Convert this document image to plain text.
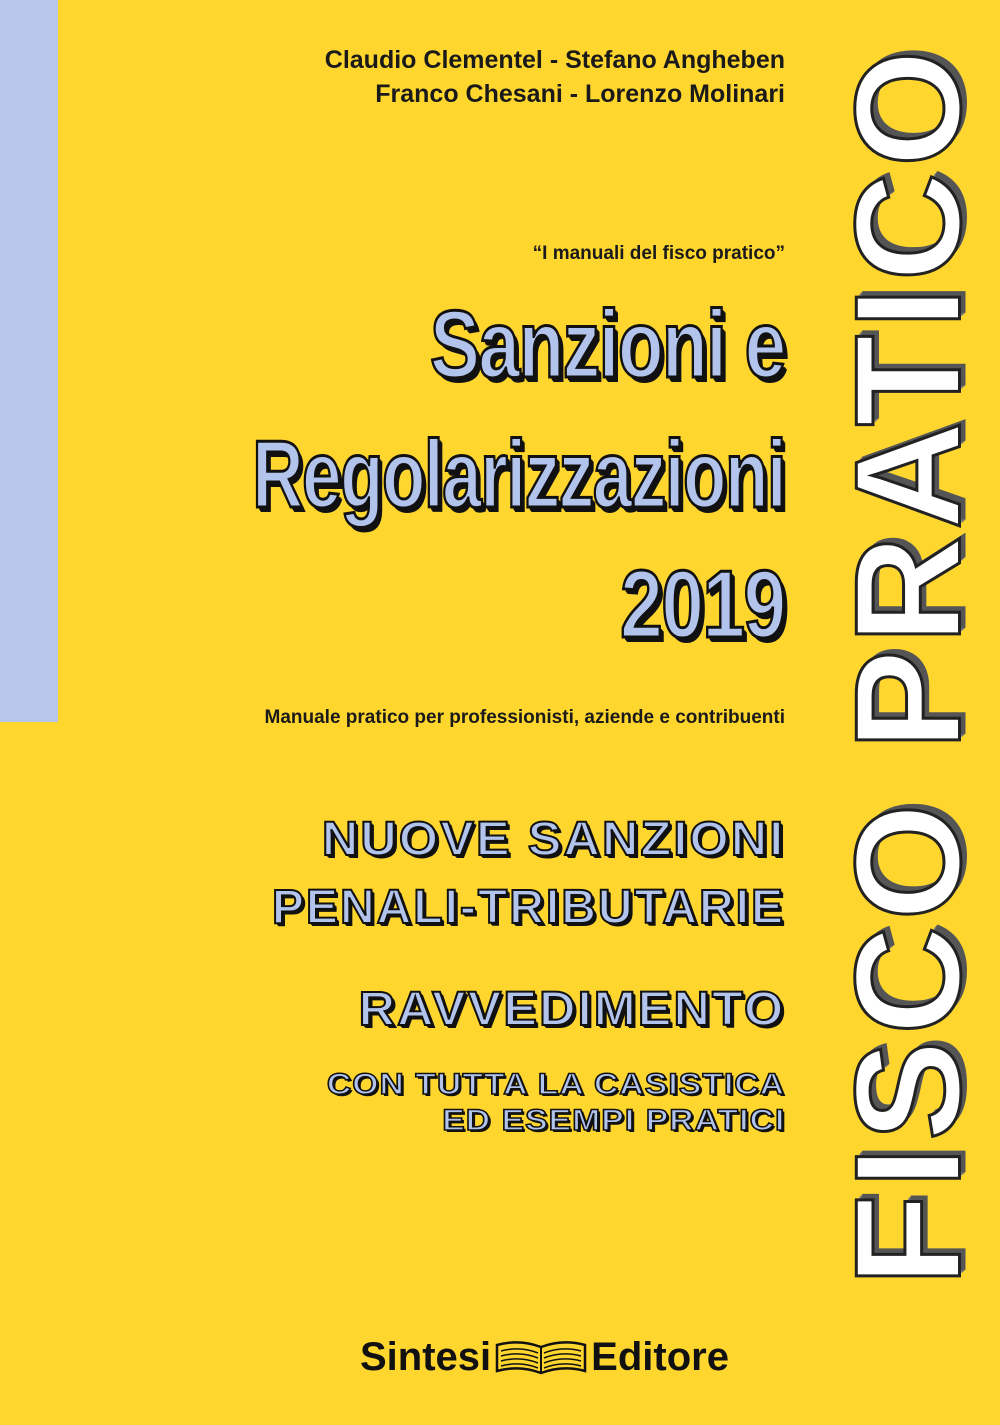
Claudio Clementel - Stefano Angheben
Franco Chesani - Lorenzo Molinari
“I manuali del fisco pratico”
Sanzioni e
Regolarizzazioni
2019
Manuale pratico per professionisti, aziende e contribuenti
NUOVE SANZIONI
PENALI-TRIBUTARIE
RAVVEDIMENTO
CON TUTTA LA CASISTICA
ED ESEMPI PRATICI FISCO PRATICO
Sintesi	Editore
